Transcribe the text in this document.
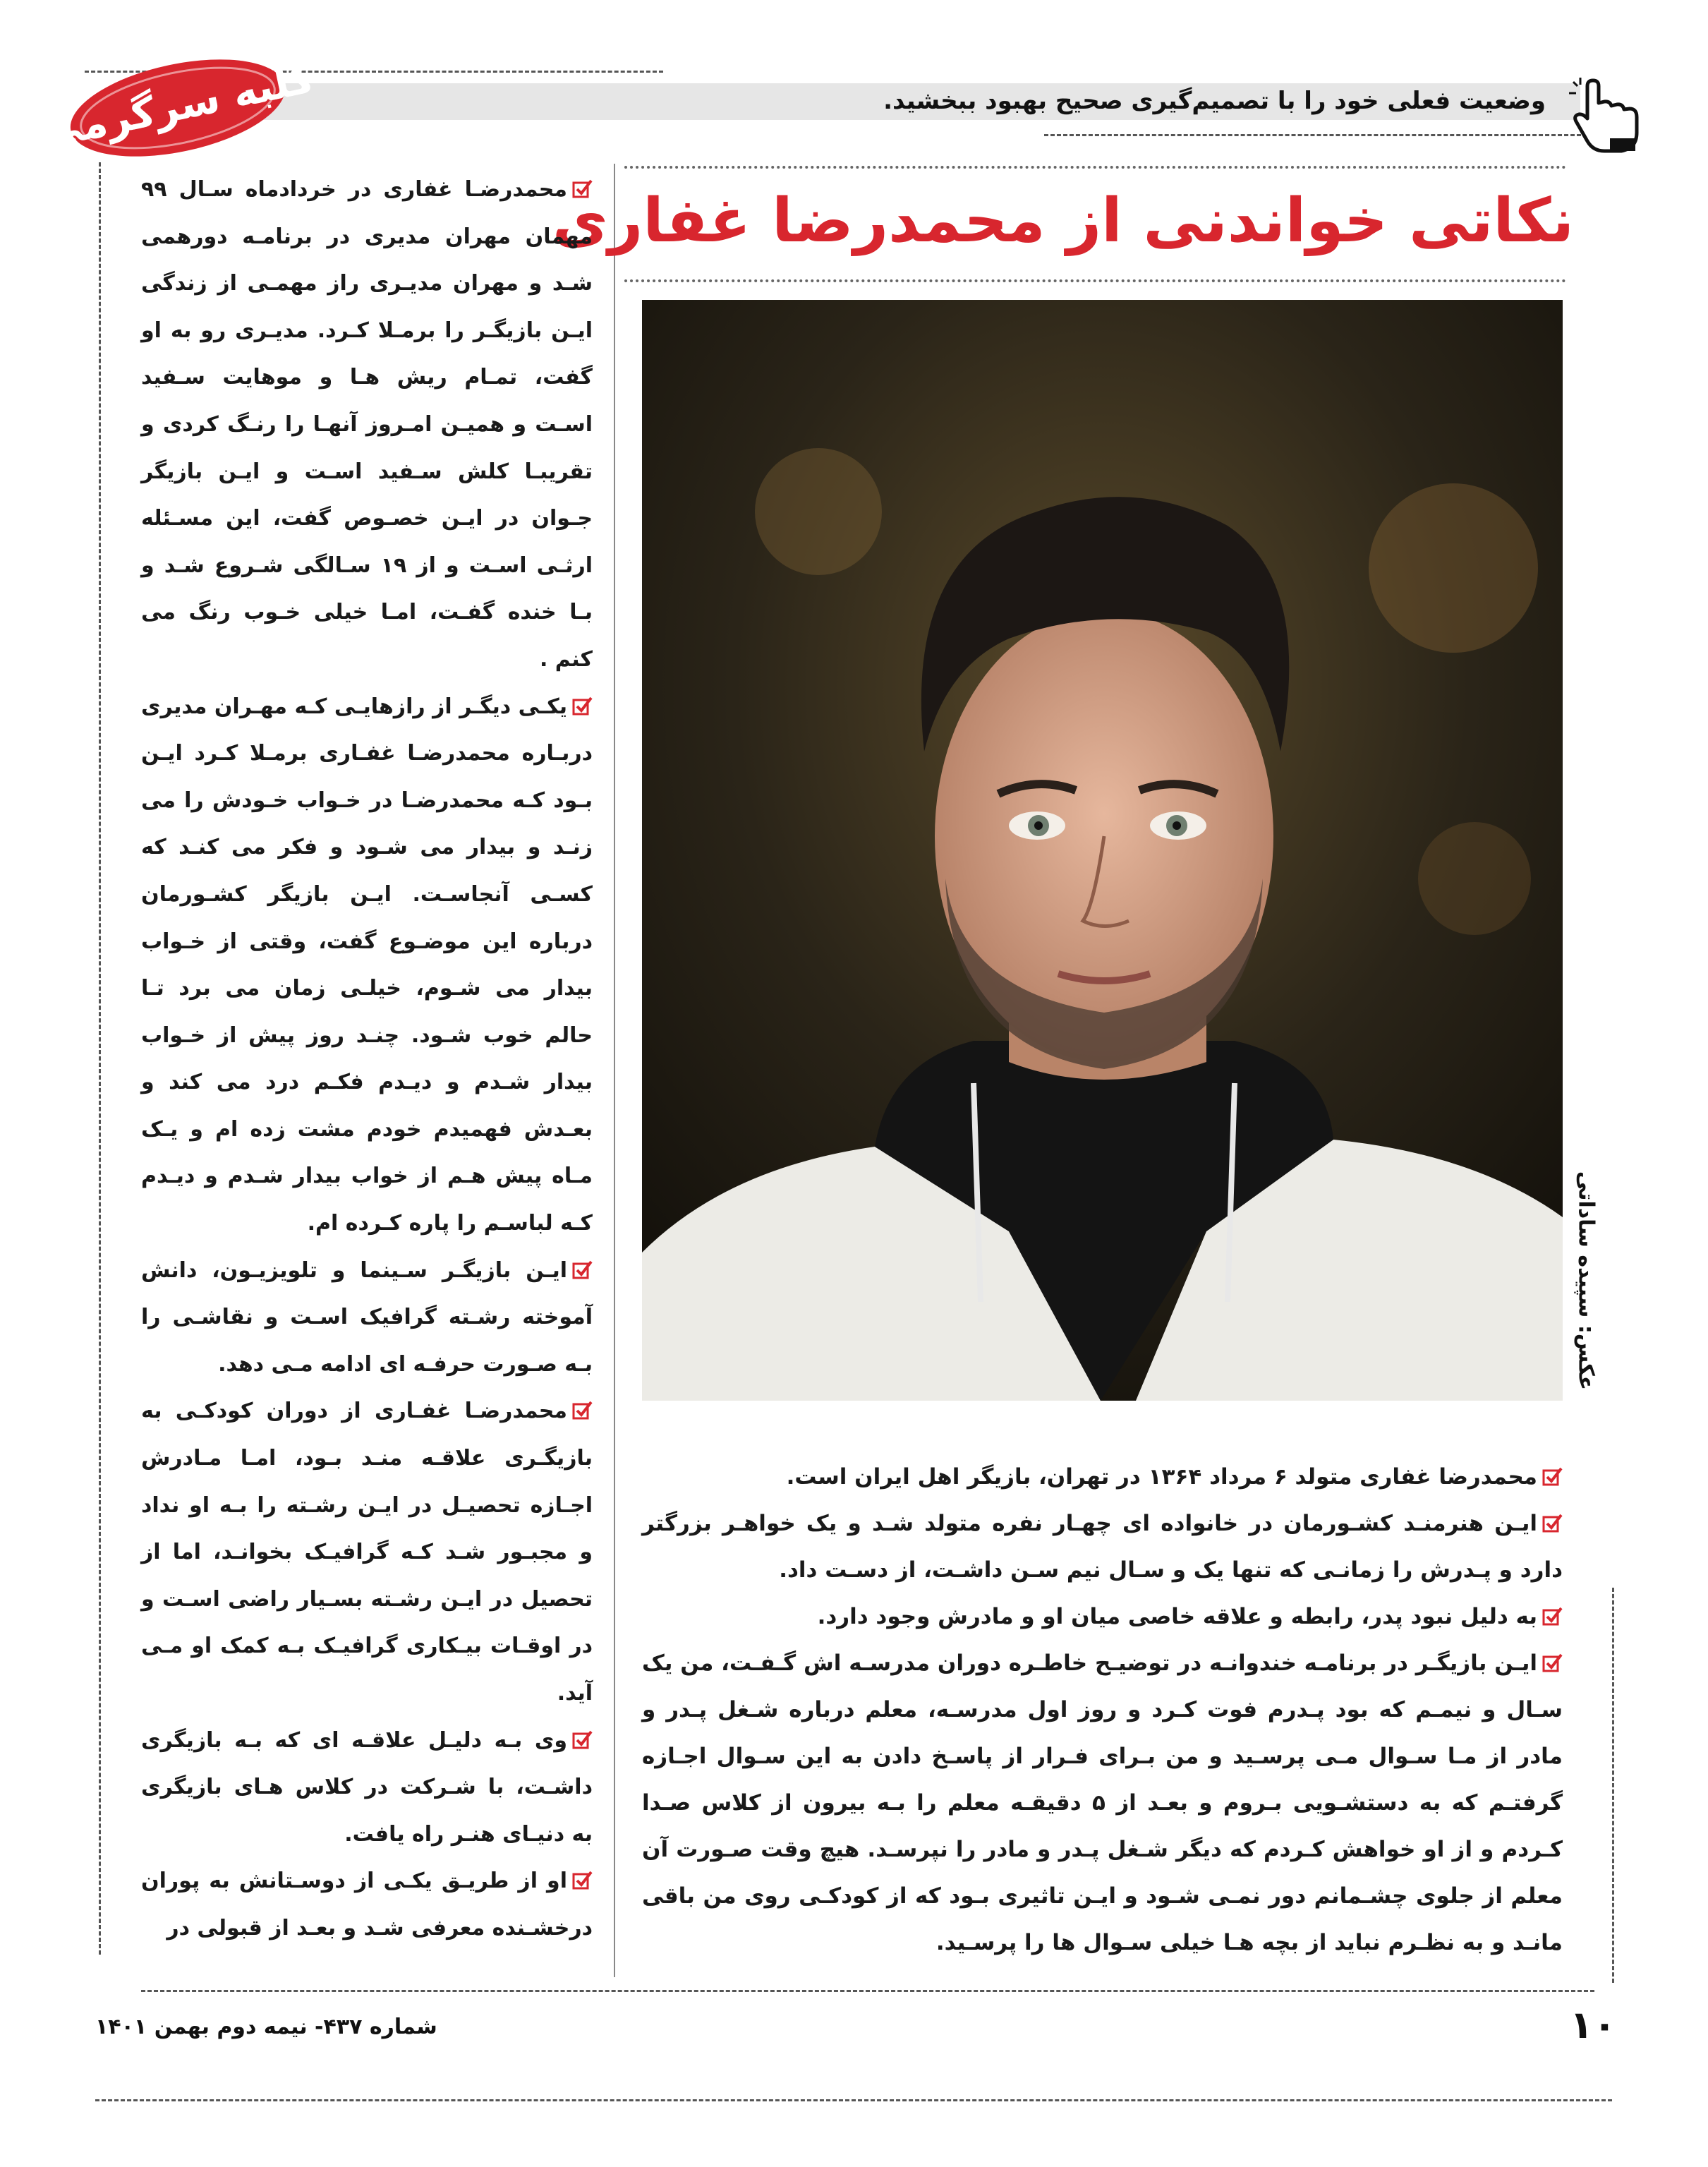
وضعیت فعلی خود را با تصمیم‌گیری صحیح بهبود ببخشید.
کلبه سرگرمی
نکاتی خواندنی از محمدرضا غفاری
عکس: سپیده ساداتی

محمدرضـا غفاری در خردادماه سـال ۹۹ مهمان مهران مدیری در برنامـه دورهمی شـد و مهران مدیـری راز مهمـی از زندگی ایـن بازیگـر را برمـلا کـرد. مدیـری رو به او گفت، تمـام ریش هـا و موهایت سـفید اسـت و همیـن امـروز آنهـا را رنـگ کردی و تقریبـا کلش سـفید اسـت و ایـن بازیگر جـوان در ایـن خصـوص گفت، این مسـئله ارثـی اسـت و از ۱۹ سـالگی شـروع شـد و بـا خنده گفـت، امـا خیلی خـوب رنگ می کنم .

یکـی دیگـر از رازهایـی کـه مهـران مدیری دربـاره محمدرضـا غفـاری برمـلا کـرد ایـن بـود کـه محمدرضـا در خـواب خـودش را می زنـد و بیدار می شـود و فکر می کنـد که کسـی آنجاسـت. ایـن بازیگر کشـورمان درباره این موضـوع گفت، وقتی از خـواب بیدار می شـوم، خیلـی زمان می برد تـا حالم خوب شـود. چنـد روز پیش از خـواب بیدار شـدم و دیـدم فکـم درد می کند و بعـدش فهمیدم خودم مشت زده ام و یـک مـاه پیش هـم از خواب بیدار شـدم و دیـدم کـه لباسـم را پاره کـرده ام.

ایـن بازیگـر سـینما و تلویزیـون، دانش آموخته رشـته گرافیک اسـت و نقاشـی را بـه صـورت حرفـه ای ادامه مـی دهد.

محمدرضـا غفـاری از دوران کودکـی به بازیگـری علاقـه منـد بـود، امـا مـادرش اجـازه تحصیـل در ایـن رشـته را بـه او نداد و مجبـور شـد کـه گرافیـک بخوانـد، اما از تحصیل در ایـن رشـته بسـیار راضی اسـت و در اوقـات بیـکاری گرافیـک بـه کمک او مـی آید.

وی بـه دلیـل علاقـه ای که بـه بازیگری داشـت، با شـرکت در کلاس هـای بازیگری به دنیـای هنـر راه یافت.

او از طریـق یکـی از دوسـتانش به پوران درخشـنده معرفی شـد و بعـد از قبولی در

محمدرضا غفاری متولد ۶ مرداد ۱۳۶۴ در تهران، بازیگر اهل ایران است.

ایـن هنرمنـد کشـورمان در خانواده ای چهـار نفره متولد شـد و یک خواهـر بزرگتر دارد و پـدرش را زمانـی که تنها یک و سـال نیم سـن داشـت، از دسـت داد.

به دلیل نبود پدر، رابطه و علاقه خاصی میان او و مادرش وجود دارد.

ایـن بازیگـر در برنامـه خندوانـه در توضیـح خاطـره دوران مدرسـه اش گـفـت، من یک سـال و نیمـم که بود پـدرم فوت کـرد و روز اول مدرسـه، معلم درباره شـغل پـدر و مادر از مـا سـوال مـی پرسـید و من بـرای فـرار از پاسـخ دادن به این سـوال اجـازه گرفتـم که به دستشـویی بـروم و بعـد از ۵ دقیقـه معلم را بـه بیرون از کلاس صـدا کـردم و از او خواهش کـردم که دیگر شـغل پـدر و مادر را نپرسـد. هیچ وقت صـورت آن معلم از جلوی چشـمانم دور نمـی شـود و ایـن تاثیری بـود که از کودکـی روی من باقی مانـد و به نظـرم نباید از بچه هـا خیلی سـوال ها را پرسـید.

شماره ۴۳۷- نیمه دوم بهمن ۱۴۰۱	۱۰
